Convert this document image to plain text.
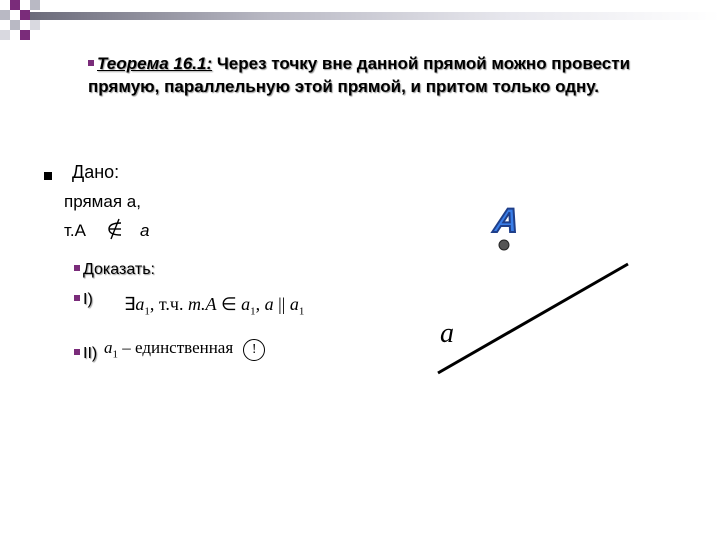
Теорема 16.1: Через точку вне данной прямой можно провести прямую, параллельную этой прямой, и притом только одну.
Дано:
прямая а,
т.А	а
Доказать:
I) $\exists a_1$, т.ч. m.A ∈ $a_1$, a || $a_1$
II) $a_1$ – единственная !
A
a
